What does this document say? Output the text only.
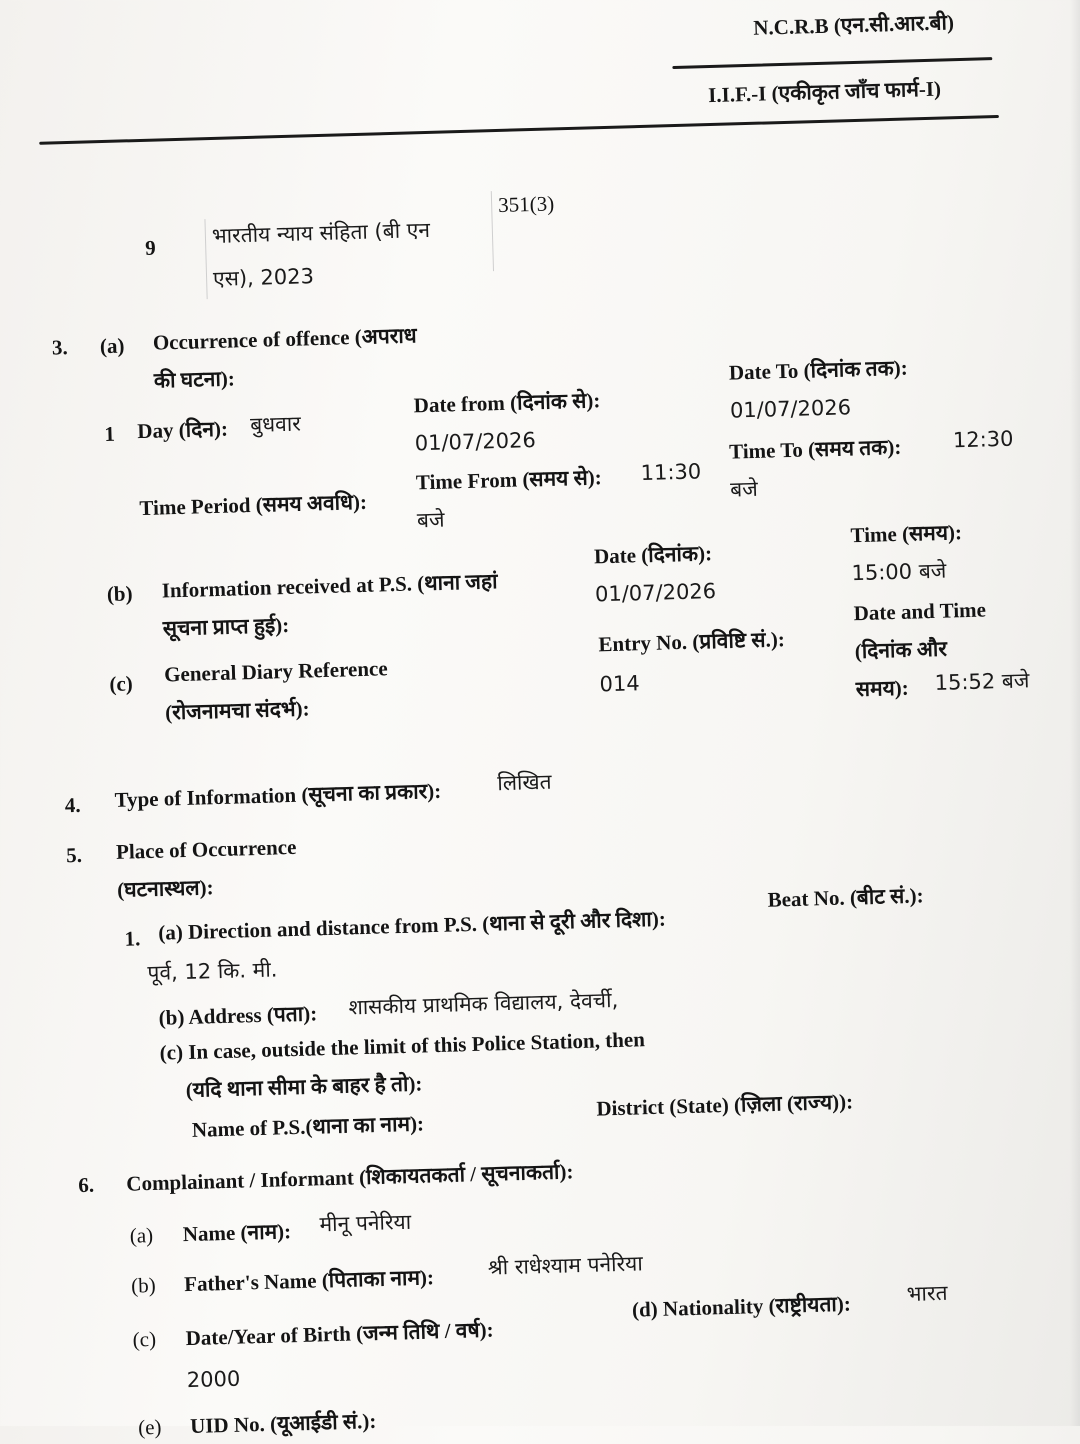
N.C.R.B (एन.सी.आर.बी)
I.I.F.-I (एकीकृत जाँच फार्म-I)
9	भारतीय न्याय संहिता (बी एन
एस), 2023
351(3)
3. (a) Occurrence of offence (अपराध
की घटना):
1 Day (दिन): बुधवार
Date from (दिनांक से):
01/07/2026
Date To (दिनांक तक):
01/07/2026
Time Period (समय अवधि):
Time From (समय से): 11:30
बजे
Time To (समय तक): 12:30
बजे
(b) Information received at P.S. (थाना जहां
सूचना प्राप्त हुई):
Date (दिनांक):
01/07/2026
Time (समय):
15:00 बजे
(c) General Diary Reference
(रोजनामचा संदर्भ):
Entry No. (प्रविष्टि सं.):
014
Date and Time
(दिनांक और
समय): 15:52 बजे
4. Type of Information (सूचना का प्रकार):	लिखित
5. Place of Occurrence
(घटनास्थल):
1. (a) Direction and distance from P.S. (थाना से दूरी और दिशा):
Beat No. (बीट सं.):
पूर्व, 12 कि. मी.
(b) Address (पता): शासकीय प्राथमिक विद्यालय, देवर्ची,
(c) In case, outside the limit of this Police Station, then
(यदि थाना सीमा के बाहर है तो):
Name of P.S.(थाना का नाम):
District (State) (ज़िला (राज्य)):
6. Complainant / Informant (शिकायतकर्ता / सूचनाकर्ता):
(a) Name (नाम): मीनू पनेरिया
(b) Father's Name (पिताका नाम):	श्री राधेश्याम पनेरिया
(c) Date/Year of Birth (जन्म तिथि / वर्ष):
2000
(d) Nationality (राष्ट्रीयता):	भारत
(e) UID No. (यूआईडी सं.):
